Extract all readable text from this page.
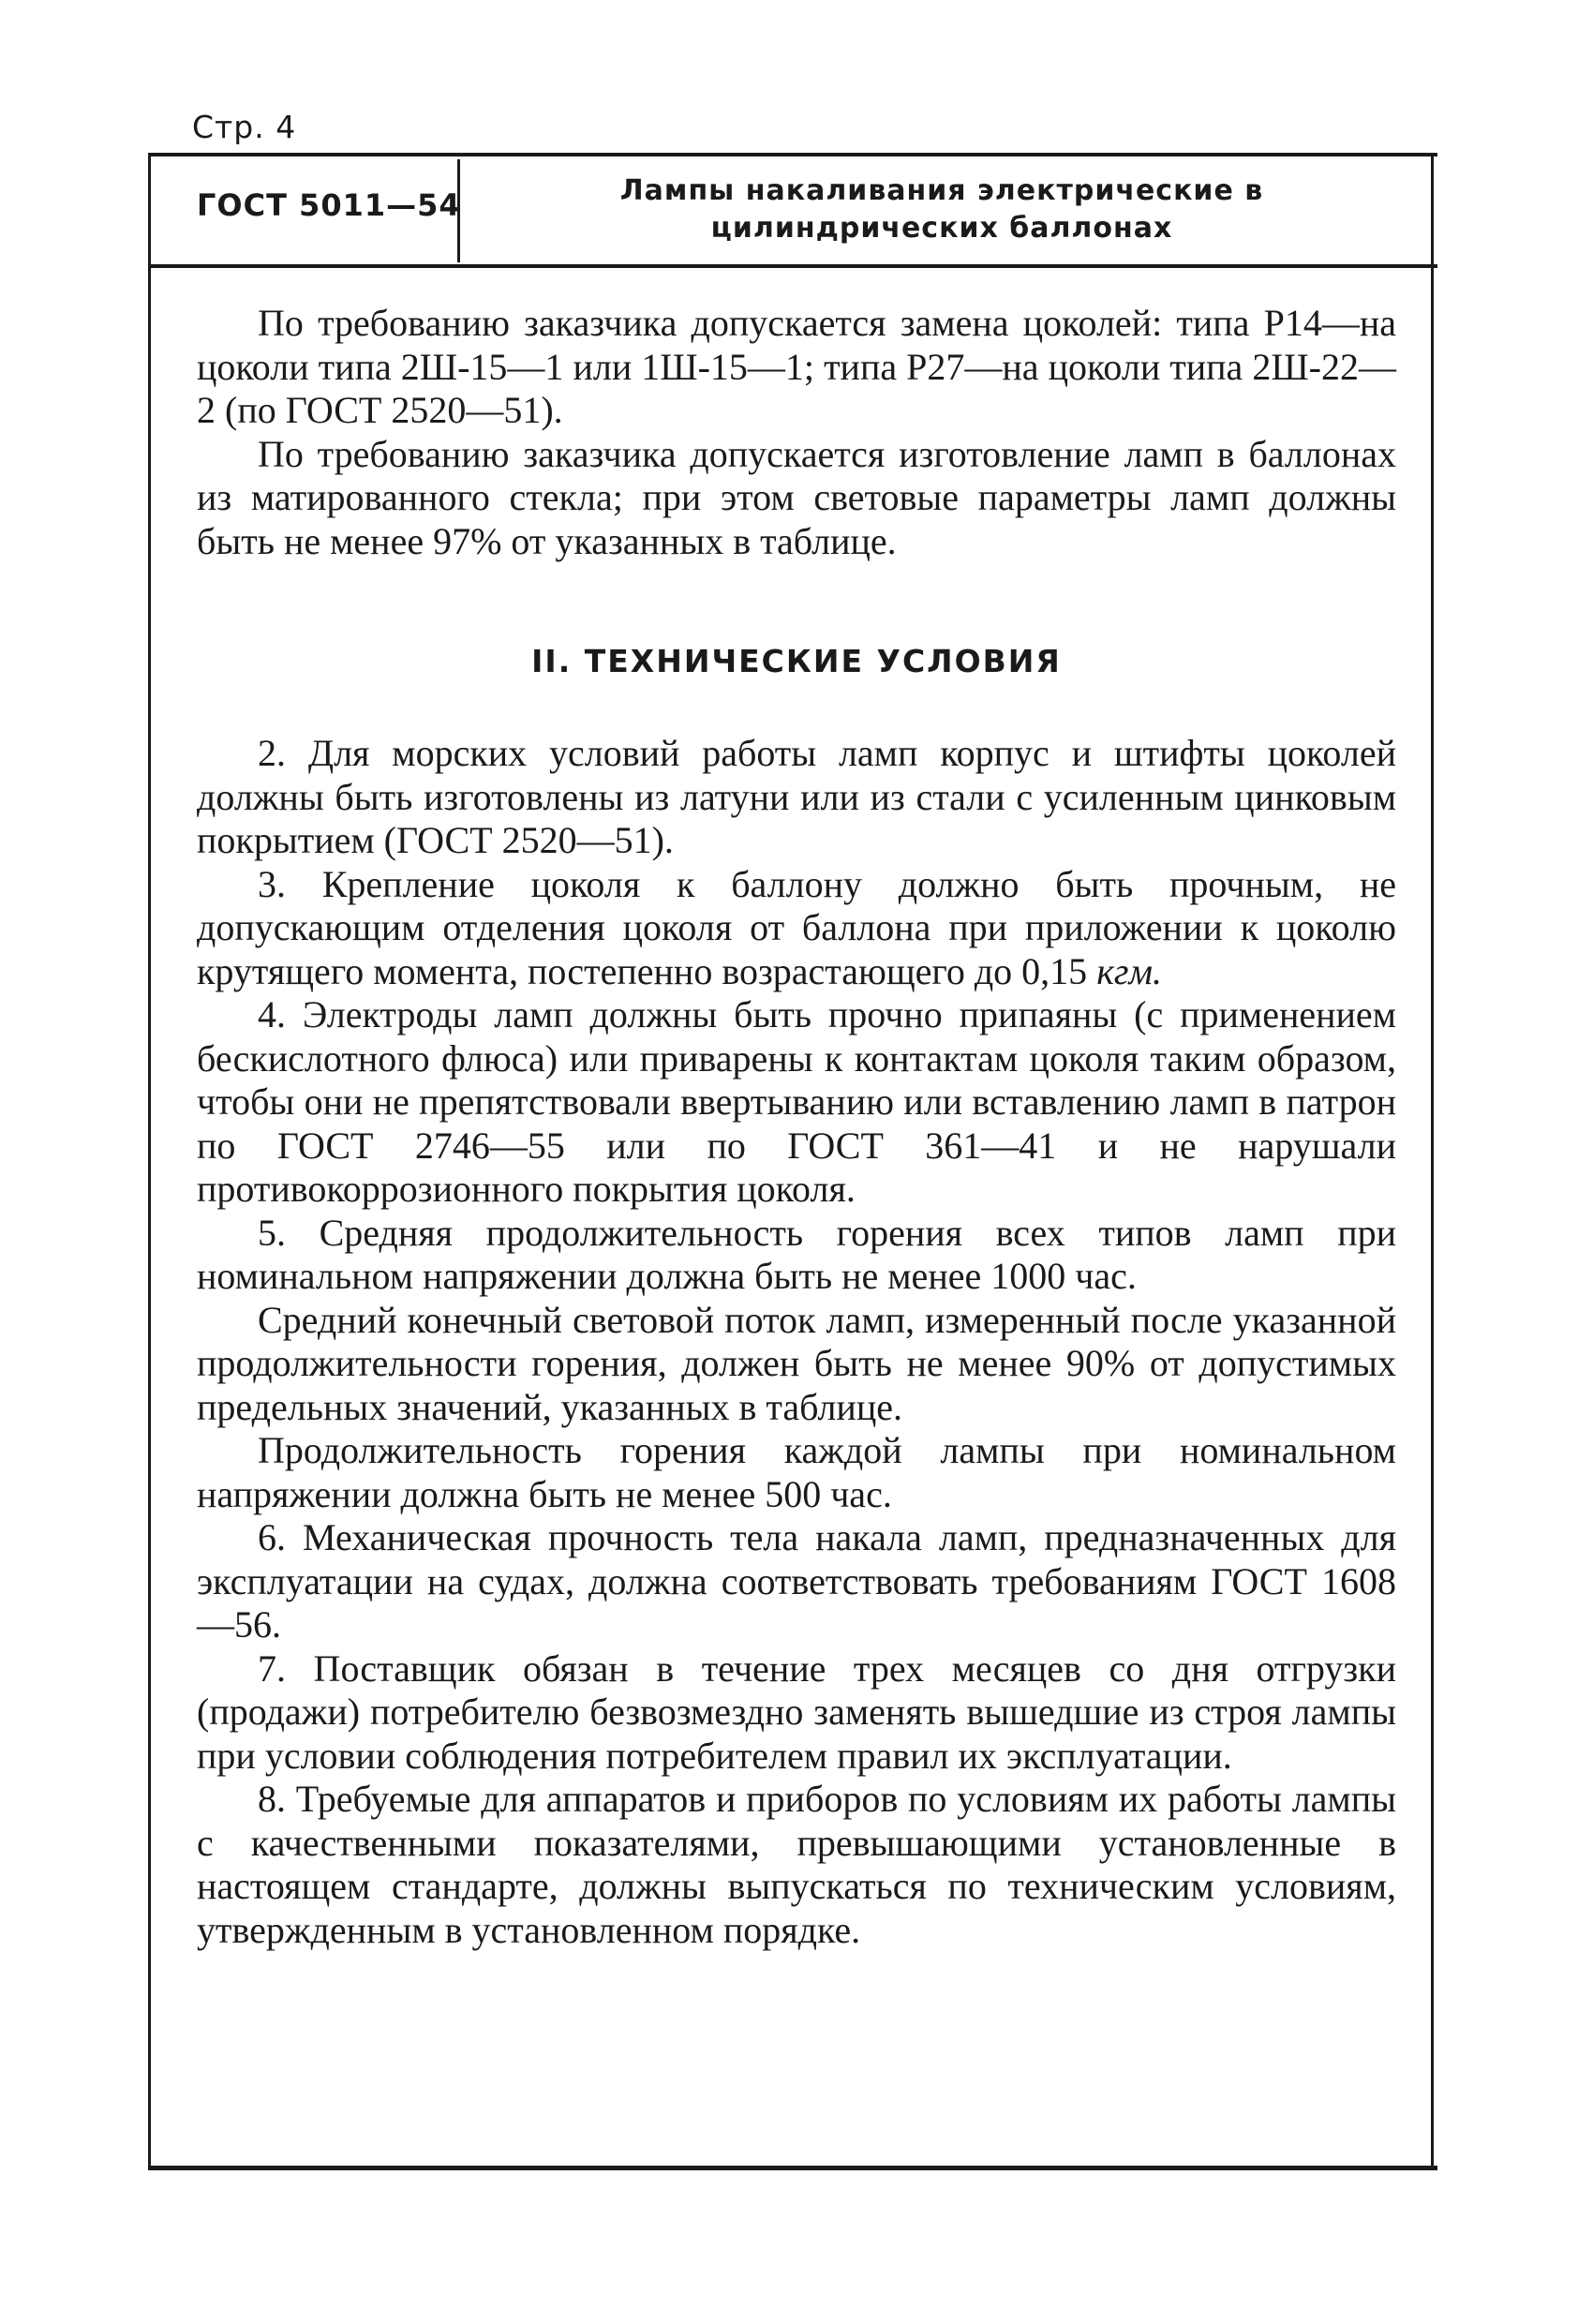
Стр. 4
ГОСТ 5011—54	Лампы накаливания электрические в цилиндрических баллонах

По требованию заказчика допускается замена цоколей: типа Р14—на цоколи типа 2Ш-15—1 или 1Ш-15—1; типа Р27—на цоколи типа 2Ш-22—2 (по ГОСТ 2520—51).

По требованию заказчика допускается изготовление ламп в баллонах из матированного стекла; при этом световые параметры ламп должны быть не менее 97% от указанных в таблице.

II. ТЕХНИЧЕСКИЕ УСЛОВИЯ

2. Для морских условий работы ламп корпус и штифты цоколей должны быть изготовлены из латуни или из стали с усиленным цинковым покрытием (ГОСТ 2520—51).

3. Крепление цоколя к баллону должно быть прочным, не допускающим отделения цоколя от баллона при приложении к цоколю крутящего момента, постепенно возрастающего до 0,15 кгм.

4. Электроды ламп должны быть прочно припаяны (с применением бескислотного флюса) или приварены к контактам цоколя таким образом, чтобы они не препятствовали ввертыванию или вставлению ламп в патрон по ГОСТ 2746—55 или по ГОСТ 361—41 и не нарушали противокоррозионного покрытия цоколя.

5. Средняя продолжительность горения всех типов ламп при номинальном напряжении должна быть не менее 1000 час.

Средний конечный световой поток ламп, измеренный после указанной продолжительности горения, должен быть не менее 90% от допустимых предельных значений, указанных в таблице.

Продолжительность горения каждой лампы при номинальном напряжении должна быть не менее 500 час.

6. Механическая прочность тела накала ламп, предназначенных для эксплуатации на судах, должна соответствовать требованиям ГОСТ 1608—56.

7. Поставщик обязан в течение трех месяцев со дня отгрузки (продажи) потребителю безвозмездно заменять вышедшие из строя лампы при условии соблюдения потребителем правил их эксплуатации.

8. Требуемые для аппаратов и приборов по условиям их работы лампы с качественными показателями, превышающими установленные в настоящем стандарте, должны выпускаться по техническим условиям, утвержденным в установленном порядке.
